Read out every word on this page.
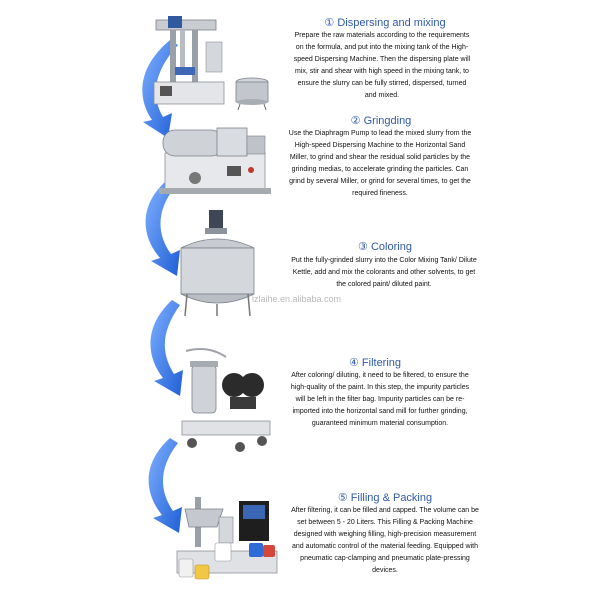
① Dispersing and mixing
Prepare the raw materials according to the requirements on the formula, and put into the mixing tank of the High-speed Dispersing Machine. Then the dispersing plate will mix, stir and shear with high speed in the mixing tank, to ensure the slurry can be fully stirred, dispersed, turned and mixed.
② Gringding
Use the Diaphragm Pump to lead the mixed slurry from the High-speed Dispersing Machine to the Horizontal Sand Miller, to grind and shear the residual solid particles by the grinding medias, to accelerate grinding the particles. Can grind by several Miller, or grind for several times, to get the required fineness.
③ Coloring
Put the fully-grinded slurry into the Color Mixing Tank/ Dilute Kettle, add and mix the colorants and other solvents, to get the colored paint/ diluted paint.
lzlaihe.en.alibaba.com
④ Filtering
After coloring/ diluting, it need to be filtered, to ensure the high-quality of the paint. In this step, the impurity particles will be left in the filter bag. Impurity particles can be re-imported into the horizontal sand mill for further grinding, guaranteed minimum material consumption.
⑤ Filling & Packing
After filtering, it can be filled and capped. The volume can be set between 5 - 20 Liters. This Filling & Packing Machine designed with weighing filling, high-precision measurement and automatic control of the material feeding. Equipped with pneumatic cap-clamping and pneumatic plate-pressing devices.
